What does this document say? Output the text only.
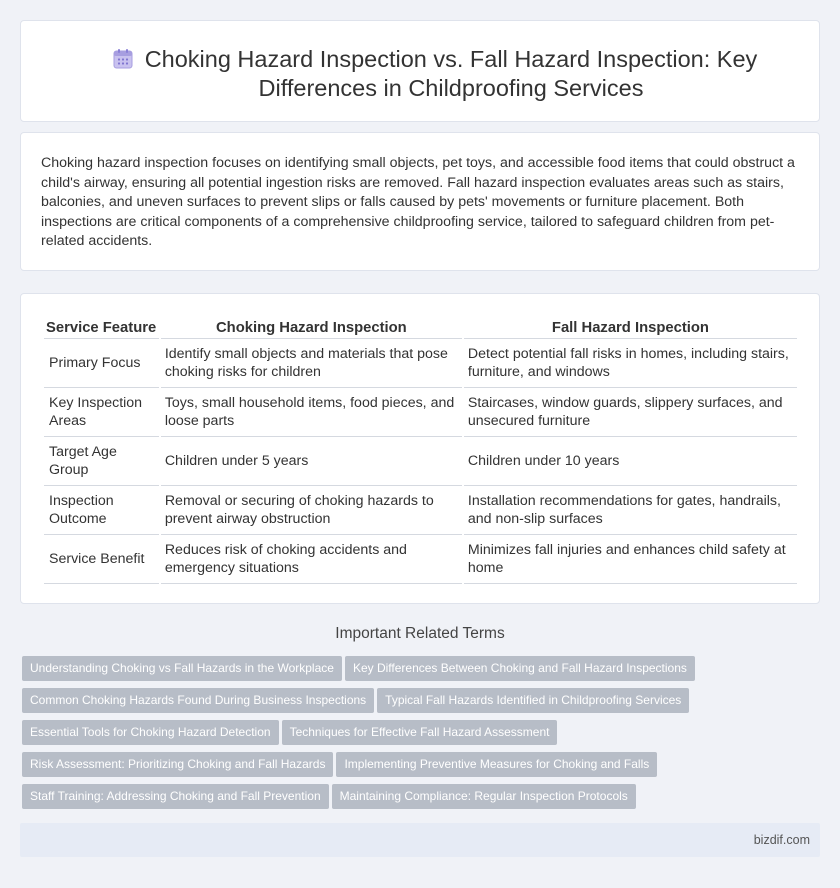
Choking Hazard Inspection vs. Fall Hazard Inspection: Key Differences in Childproofing Services

Choking hazard inspection focuses on identifying small objects, pet toys, and accessible food items that could obstruct a child's airway, ensuring all potential ingestion risks are removed. Fall hazard inspection evaluates areas such as stairs, balconies, and uneven surfaces to prevent slips or falls caused by pets' movements or furniture placement. Both inspections are critical components of a comprehensive childproofing service, tailored to safeguard children from pet-related accidents.

Service Feature	Choking Hazard Inspection	Fall Hazard Inspection
Primary Focus	Identify small objects and materials that pose choking risks for children	Detect potential fall risks in homes, including stairs, furniture, and windows
Key Inspection Areas	Toys, small household items, food pieces, and loose parts	Staircases, window guards, slippery surfaces, and unsecured furniture
Target Age Group	Children under 5 years	Children under 10 years
Inspection Outcome	Removal or securing of choking hazards to prevent airway obstruction	Installation recommendations for gates, handrails, and non-slip surfaces
Service Benefit	Reduces risk of choking accidents and emergency situations	Minimizes fall injuries and enhances child safety at home
Important Related Terms
Understanding Choking vs Fall Hazards in the Workplace Key Differences Between Choking and Fall Hazard Inspections
Common Choking Hazards Found During Business Inspections Typical Fall Hazards Identified in Childproofing Services
Essential Tools for Choking Hazard Detection Techniques for Effective Fall Hazard Assessment
Risk Assessment: Prioritizing Choking and Fall Hazards Implementing Preventive Measures for Choking and Falls
Staff Training: Addressing Choking and Fall Prevention Maintaining Compliance: Regular Inspection Protocols
bizdif.com
